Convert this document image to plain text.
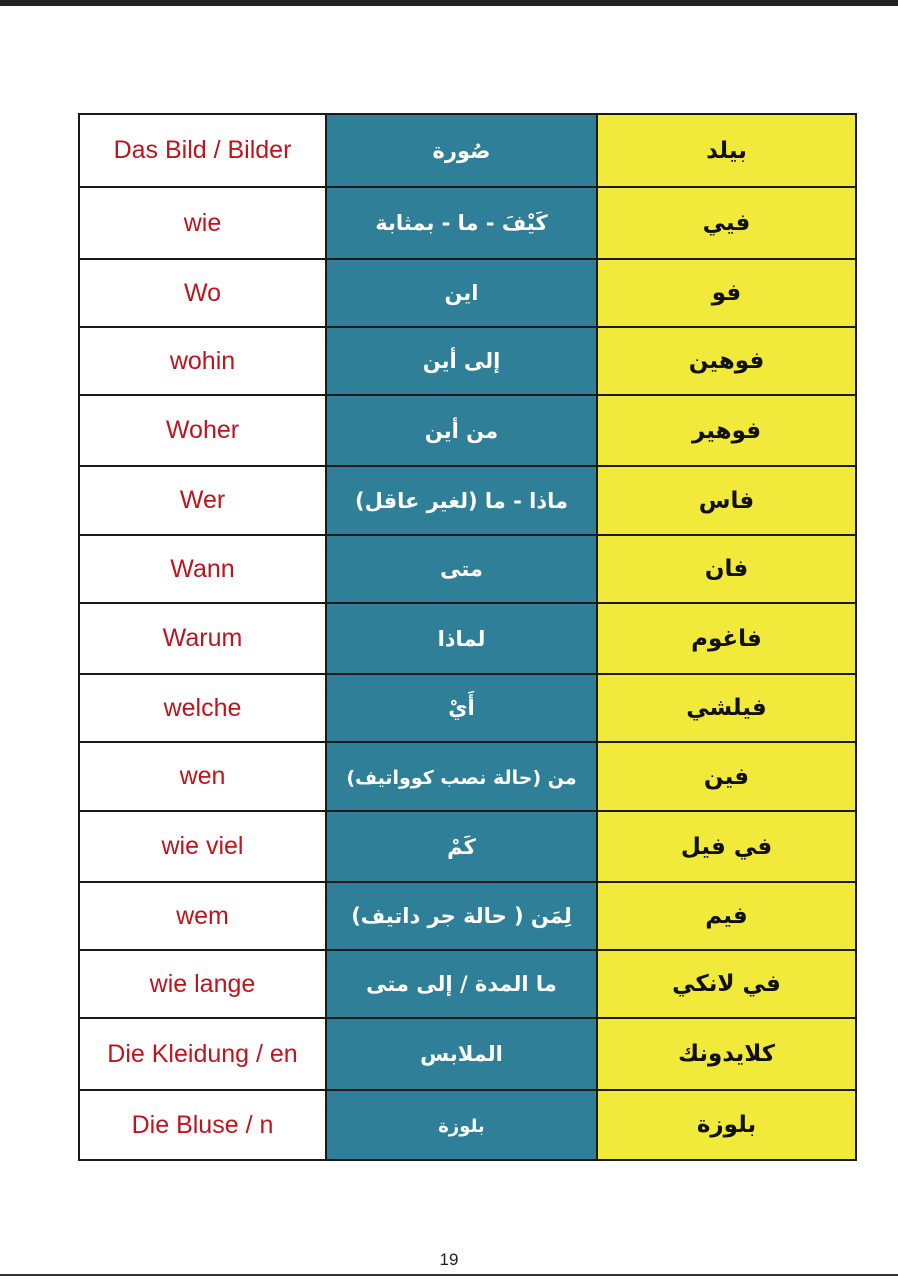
Das Bild / Bilder	صُورة	بيلد
wie	كَيْفَ - ما - بمثابة	فيي
Wo	اين	فو
wohin	إلى أين	فوهين
Woher	من أين	فوهير
Wer	ماذا - ما (لغير عاقل)	فاس
Wann	متى	فان
Warum	لماذا	فاغوم
welche	أَيْ	فيلشي
wen	من (حالة نصب كوواتيف)	فين
wie viel	كَمْ	في فيل
wem	لِمَن ( حالة جر داتيف)	فيم
wie lange	ما المدة / إلى متى	في لانكي
Die Kleidung / en	الملابس	كلايدونك
Die Bluse / n	بلوزة	بلوزة
19
